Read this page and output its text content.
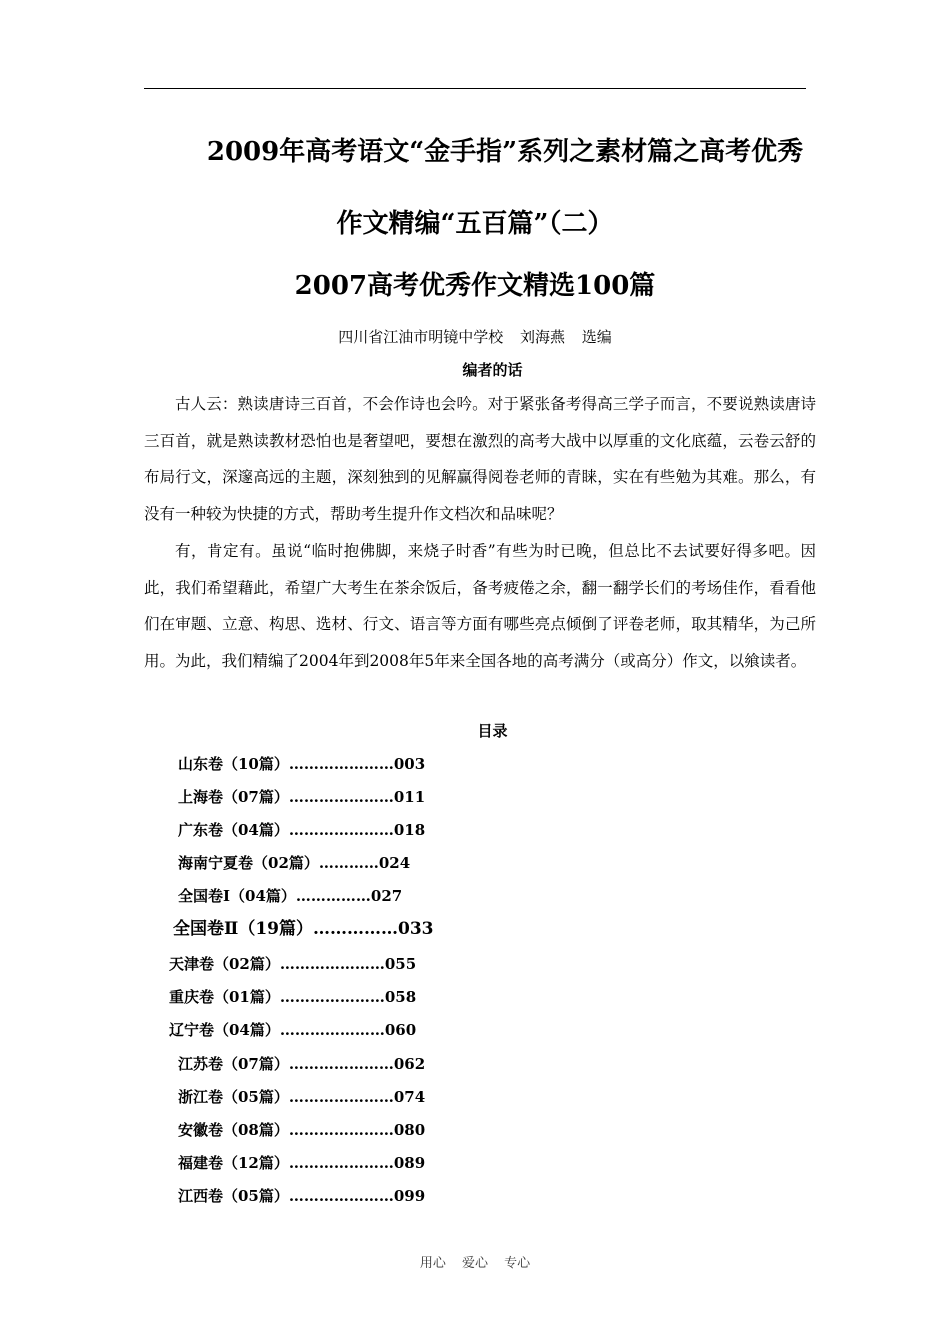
2009年高考语文“金手指”系列之素材篇之高考优秀
作文精编“五百篇”（二）
2007高考优秀作文精选100篇
四川省江油市明镜中学校 刘海燕 选编
编者的话

古人云：熟读唐诗三百首，不会作诗也会吟。对于紧张备考得高三学子而言，不要说熟读唐诗三百首，就是熟读教材恐怕也是奢望吧，要想在激烈的高考大战中以厚重的文化底蕴，云卷云舒的布局行文，深邃高远的主题，深刻独到的见解赢得阅卷老师的青睐，实在有些勉为其难。那么，有没有一种较为快捷的方式，帮助考生提升作文档次和品味呢？

有，肯定有。虽说“临时抱佛脚，来烧子时香”有些为时已晚，但总比不去试要好得多吧。因此，我们希望藉此，希望广大考生在茶余饭后，备考疲倦之余，翻一翻学长们的考场佳作，看看他们在审题、立意、构思、选材、行文、语言等方面有哪些亮点倾倒了评卷老师，取其精华，为己所用。为此，我们精编了2004年到2008年5年来全国各地的高考满分（或高分）作文，以飨读者。

目录
山东卷（10篇）…………………003
上海卷（07篇）…………………011
广东卷（04篇）…………………018
海南宁夏卷（02篇）…………024
全国卷Ⅰ（04篇）……………027
全国卷Ⅱ（19篇）……………033
天津卷（02篇）…………………055
重庆卷（01篇）…………………058
辽宁卷（04篇）…………………060
江苏卷（07篇）…………………062
浙江卷（05篇）…………………074
安徽卷（08篇）…………………080
福建卷（12篇）…………………089
江西卷（05篇）…………………099
用心 爱心 专心
